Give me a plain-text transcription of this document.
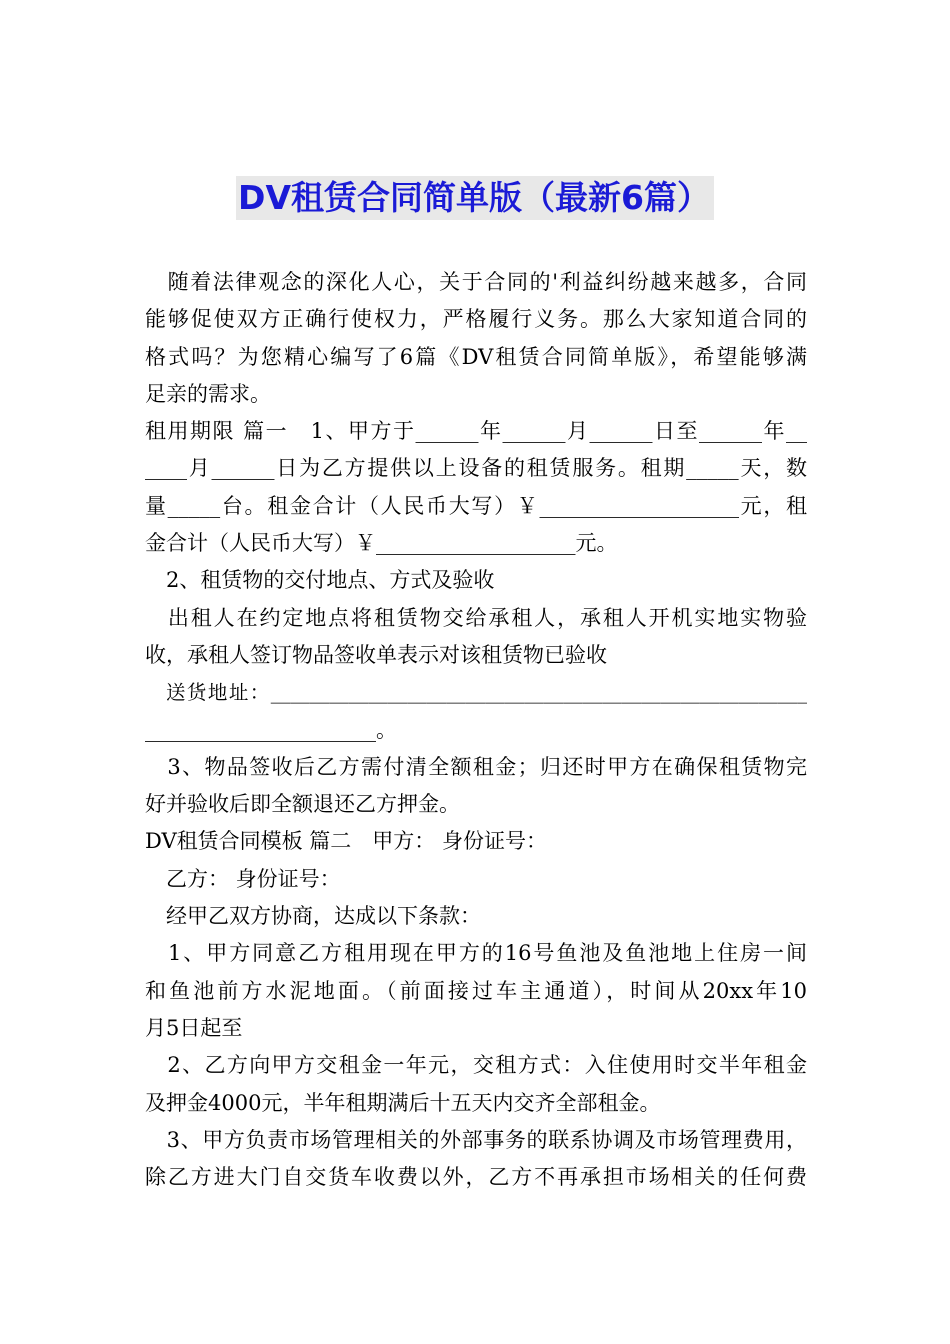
DV租赁合同简单版（最新6篇）
　随着法律观念的深化人心，关于合同的'利益纠纷越来越多，合同
能够促使双方正确行使权力，严格履行义务。那么大家知道合同的
格式吗？为您精心编写了6篇《DV租赁合同简单版》，希望能够满
足亲的需求。
租用期限 篇一　1、甲方于______年______月______日至______年__
____月______日为乙方提供以上设备的租赁服务。租期_____天，数
量_____台。租金合计（人民币大写）￥___________________元，租
金合计（人民币大写）￥___________________元。
　2、租赁物的交付地点、方式及验收
　出租人在约定地点将租赁物交给承租人，承租人开机实地实物验
收，承租人签订物品签收单表示对该租赁物已验收
　送货地址：_______________________________________________________
______________________。
　3、物品签收后乙方需付清全额租金；归还时甲方在确保租赁物完
好并验收后即全额退还乙方押金。
DV租赁合同模板 篇二　甲方： 身份证号：
　乙方： 身份证号：
　经甲乙双方协商，达成以下条款：
　1、甲方同意乙方租用现在甲方的16号鱼池及鱼池地上住房一间
和鱼池前方水泥地面。（前面接过车主通道），时间从20xx年10
月5日起至
　2、乙方向甲方交租金一年元，交租方式：入住使用时交半年租金
及押金4000元，半年租期满后十五天内交齐全部租金。
　3、甲方负责市场管理相关的外部事务的联系协调及市场管理费用，
除乙方进大门自交货车收费以外，乙方不再承担市场相关的任何费
